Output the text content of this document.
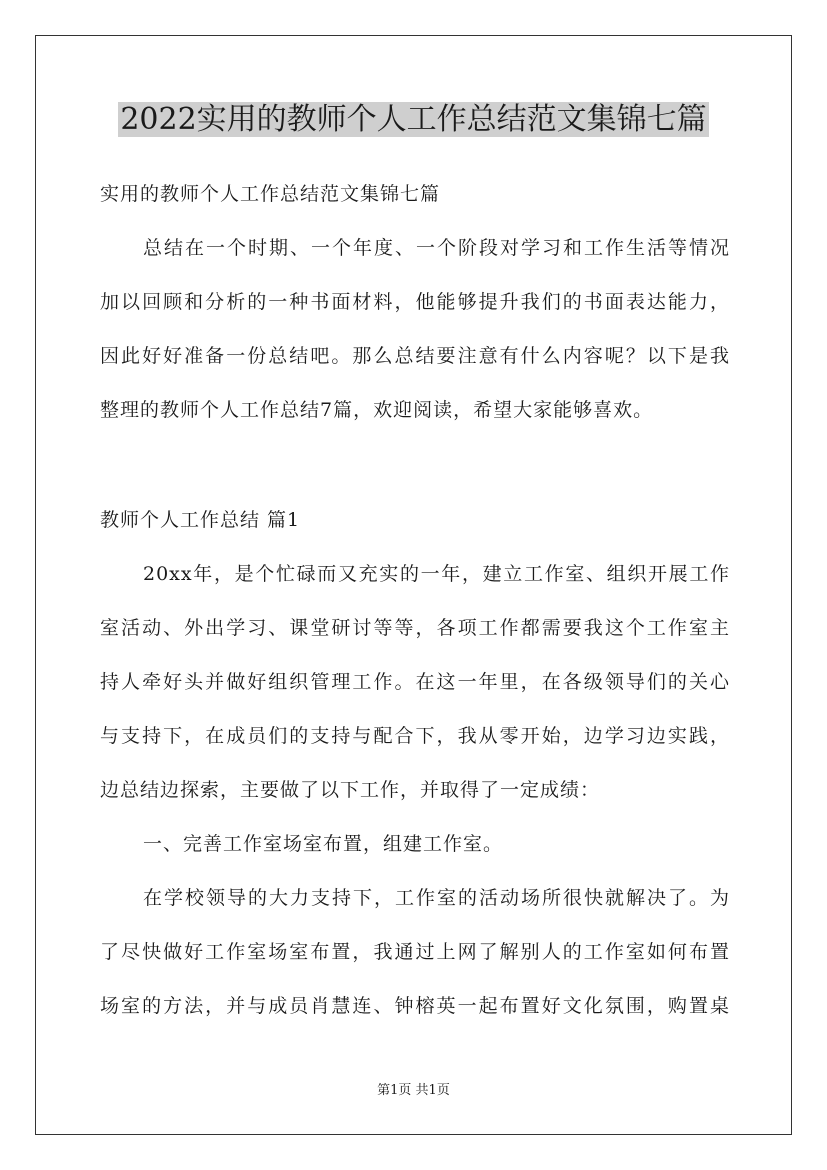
2022实用的教师个人工作总结范文集锦七篇
实用的教师个人工作总结范文集锦七篇
总结在一个时期、一个年度、一个阶段对学习和工作生活等情况
加以回顾和分析的一种书面材料，他能够提升我们的书面表达能力，
因此好好准备一份总结吧。那么总结要注意有什么内容呢？以下是我
整理的教师个人工作总结7篇，欢迎阅读，希望大家能够喜欢。
教师个人工作总结 篇1
20xx年，是个忙碌而又充实的一年，建立工作室、组织开展工作
室活动、外出学习、课堂研讨等等，各项工作都需要我这个工作室主
持人牵好头并做好组织管理工作。在这一年里，在各级领导们的关心
与支持下，在成员们的支持与配合下，我从零开始，边学习边实践，
边总结边探索，主要做了以下工作，并取得了一定成绩：
一、完善工作室场室布置，组建工作室。
在学校领导的大力支持下，工作室的活动场所很快就解决了。为
了尽快做好工作室场室布置，我通过上网了解别人的工作室如何布置
场室的方法，并与成员肖慧连、钟榕英一起布置好文化氛围，购置桌
第1页 共1页
